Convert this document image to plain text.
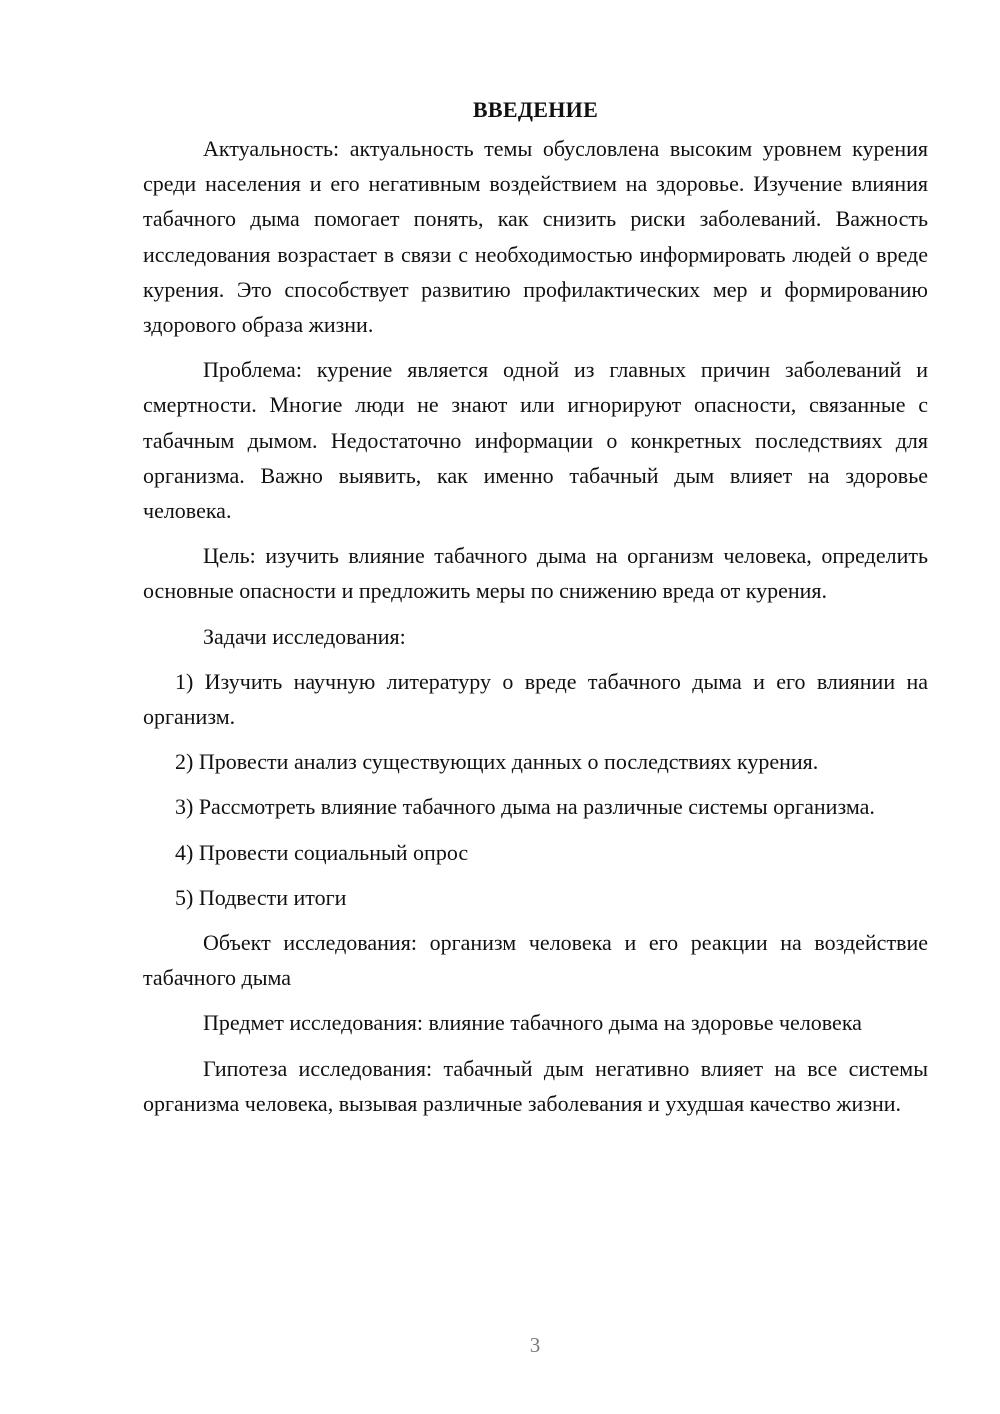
ВВЕДЕНИЕ

Актуальность: актуальность темы обусловлена высоким уровнем курения среди населения и его негативным воздействием на здоровье. Изучение влияния табачного дыма помогает понять, как снизить риски заболеваний. Важность исследования возрастает в связи с необходимостью информировать людей о вреде курения. Это способствует развитию профилактических мер и формированию здорового образа жизни.

Проблема: курение является одной из главных причин заболеваний и смертности. Многие люди не знают или игнорируют опасности, связанные с табачным дымом. Недостаточно информации о конкретных последствиях для организма. Важно выявить, как именно табачный дым влияет на здоровье человека.

Цель: изучить влияние табачного дыма на организм человека, определить основные опасности и предложить меры по снижению вреда от курения.

Задачи исследования:

1) Изучить научную литературу о вреде табачного дыма и его влиянии на организм.

2) Провести анализ существующих данных о последствиях курения.

3) Рассмотреть влияние табачного дыма на различные системы организма.

4) Провести социальный опрос

5) Подвести итоги

Объект исследования: организм человека и его реакции на воздействие табачного дыма

Предмет исследования: влияние табачного дыма на здоровье человека

Гипотеза исследования: табачный дым негативно влияет на все системы организма человека, вызывая различные заболевания и ухудшая качество жизни.

3
